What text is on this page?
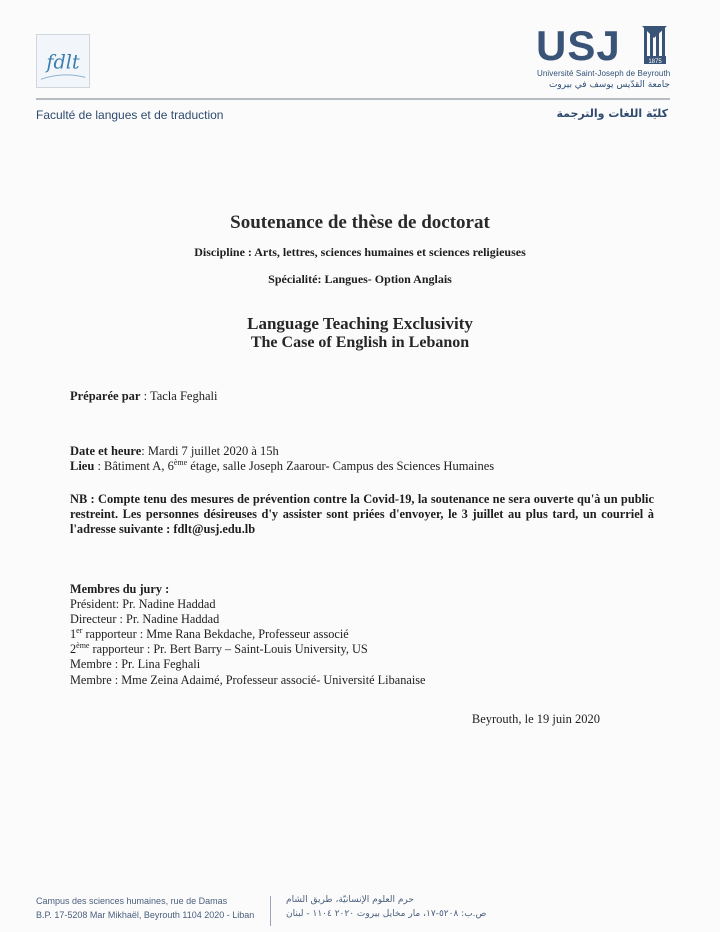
fdlt	USJ	1875
Université Saint-Joseph de Beyrouth
جامعة القدّيس يوسف في بيروت
Faculté de langues et de traduction	كليّة اللغات والترجمة
Soutenance de thèse de doctorat
Discipline : Arts, lettres, sciences humaines et sciences religieuses
Spécialité: Langues- Option Anglais
Language Teaching Exclusivity
The Case of English in Lebanon
Préparée par : Tacla Feghali
Date et heure: Mardi 7 juillet 2020 à 15h
Lieu : Bâtiment A, 6ème étage, salle Joseph Zaarour- Campus des Sciences Humaines
NB : Compte tenu des mesures de prévention contre la Covid-19, la soutenance ne sera ouverte qu'à un public restreint. Les personnes désireuses d'y assister sont priées d'envoyer, le 3 juillet au plus tard, un courriel à l'adresse suivante : fdlt@usj.edu.lb
Membres du jury :
Président: Pr. Nadine Haddad
Directeur : Pr. Nadine Haddad
1er rapporteur : Mme Rana Bekdache, Professeur associé
2ème rapporteur : Pr. Bert Barry – Saint-Louis University, US
Membre : Pr. Lina Feghali
Membre : Mme Zeina Adaimé, Professeur associé- Université Libanaise
Beyrouth, le 19 juin 2020
Campus des sciences humaines, rue de Damas
B.P. 17-5208 Mar Mikhaël, Beyrouth 1104 2020 - Liban
حرم العلوم الإنسانيّة، طريق الشام
ص.ب: ٥٢٠٨-١٧، مار مخايل بيروت ٢٠٢٠ ١١٠٤ - لبنان
